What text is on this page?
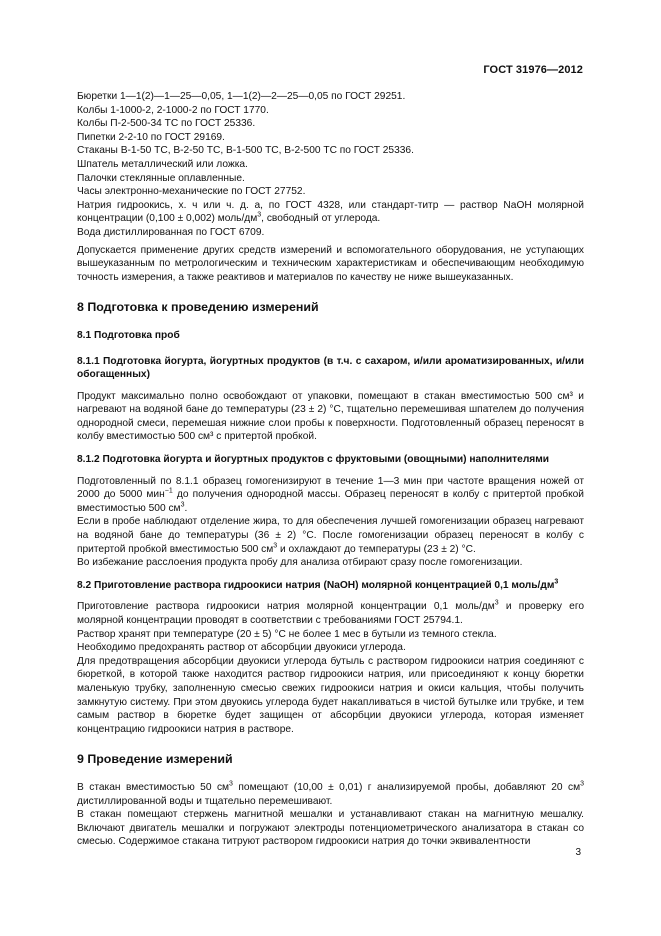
ГОСТ 31976—2012

Бюретки 1—1(2)—1—25—0,05, 1—1(2)—2—25—0,05 по ГОСТ 29251.

Колбы 1-1000-2, 2-1000-2 по ГОСТ 1770.

Колбы П-2-500-34 ТС по ГОСТ 25336.

Пипетки 2-2-10 по ГОСТ 29169.

Стаканы В-1-50 ТС, В-2-50 ТС, В-1-500 ТС, В-2-500 ТС по ГОСТ 25336.

Шпатель металлический или ложка.

Палочки стеклянные оплавленные.

Часы электронно-механические по ГОСТ 27752.

Натрия гидроокись, х. ч или ч. д. а, по ГОСТ 4328, или стандарт-титр — раствор NaOH молярной концентрации (0,100 ± 0,002) моль/$дм^3$, свободный от углерода.

Вода дистиллированная по ГОСТ 6709.

Допускается применение других средств измерений и вспомогательного оборудования, не уступающих вышеуказанным по метрологическим и техническим характеристикам и обеспечивающим необходимую точность измерения, а также реактивов и материалов по качеству не ниже вышеуказанных.

8 Подготовка к проведению измерений
8.1 Подготовка проб
8.1.1 Подготовка йогурта, йогуртных продуктов (в т.ч. с сахаром, и/или ароматизированных, и/или обогащенных)

Продукт максимально полно освобождают от упаковки, помещают в стакан вместимостью 500 см³ и нагревают на водяной бане до температуры (23 ± 2) °С, тщательно перемешивая шпателем до получения однородной смеси, перемешая нижние слои пробы к поверхности. Подготовленный образец переносят в колбу вместимостью 500 см³ с притертой пробкой.

8.1.2 Подготовка йогурта и йогуртных продуктов с фруктовыми (овощными) наполнителями

Подготовленный по 8.1.1 образец гомогенизируют в течение 1—3 мин при частоте вращения ножей от 2000 до 5000 мин$^{-1}$ до получения однородной массы. Образец переносят в колбу с притертой пробкой вместимостью 500 $см^3$.

Если в пробе наблюдают отделение жира, то для обеспечения лучшей гомогенизации образец нагревают на водяной бане до температуры (36 ± 2) °С. После гомогенизации образец переносят в колбу с притертой пробкой вместимостью 500 $см^3$ и охлаждают до температуры (23 ± 2) °С.

Во избежание расслоения продукта пробу для анализа отбирают сразу после гомогенизации.

8.2 Приготовление раствора гидроокиси натрия (NaOH) молярной концентрацией 0,1 моль/$дм^3$

Приготовление раствора гидроокиси натрия молярной концентрации 0,1 моль/$дм^3$ и проверку его молярной концентрации проводят в соответствии с требованиями ГОСТ 25794.1.

Раствор хранят при температуре (20 ± 5) °С не более 1 мес в бутыли из темного стекла.

Необходимо предохранять раствор от абсорбции двуокиси углерода.

Для предотвращения абсорбции двуокиси углерода бутыль с раствором гидроокиси натрия соединяют с бюреткой, в которой также находится раствор гидроокиси натрия, или присоединяют к концу бюретки маленькую трубку, заполненную смесью свежих гидроокиси натрия и окиси кальция, чтобы получить замкнутую систему. При этом двуокись углерода будет накапливаться в чистой бутылке или трубке, и тем самым раствор в бюретке будет защищен от абсорбции двуокиси углерода, которая изменяет концентрацию гидроокиси натрия в растворе.

9 Проведение измерений

В стакан вместимостью 50 $см^3$ помещают (10,00 ± 0,01) г анализируемой пробы, добавляют 20 $см^3$ дистиллированной воды и тщательно перемешивают.

В стакан помещают стержень магнитной мешалки и устанавливают стакан на магнитную мешалку. Включают двигатель мешалки и погружают электроды потенциометрического анализатора в стакан со смесью. Содержимое стакана титруют раствором гидроокиси натрия до точки эквивалентности

3
